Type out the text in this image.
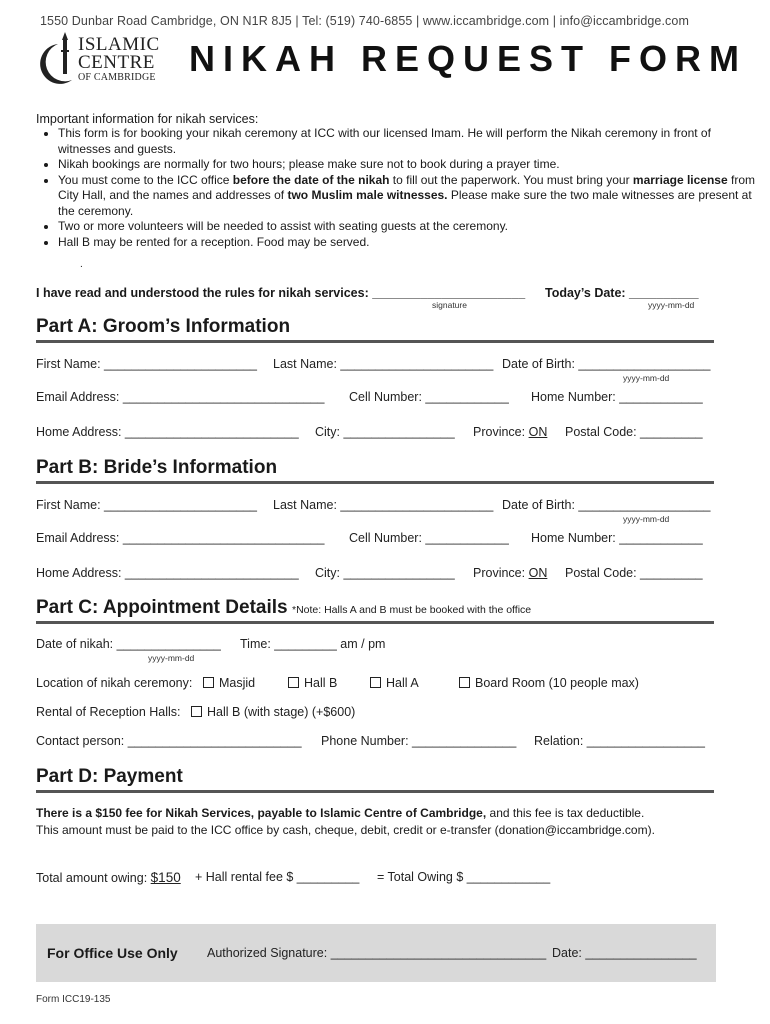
1550 Dunbar Road Cambridge, ON N1R 8J5 | Tel: (519) 740-6855 | www.iccambridge.com | info@iccambridge.com
ISLAMIC
CENTRE
OF CAMBRIDGE NIKAH REQUEST FORM
Important information for nikah services:
• This form is for booking your nikah ceremony at ICC with our licensed Imam. He will perform the Nikah ceremony in front of witnesses and guests.
• Nikah bookings are normally for two hours; please make sure not to book during a prayer time.
• You must come to the ICC office before the date of the nikah to fill out the paperwork. You must bring your marriage license from City Hall, and the names and addresses of two Muslim male witnesses. Please make sure the two male witnesses are present at the ceremony.
• Two or more volunteers will be needed to assist with seating guests at the ceremony.
• Hall B may be rented for a reception. Food may be served.
.
I have read and understood the rules for nikah services: ______________________ Today’s Date: __________
signature	yyyy-mm-dd
Part A: Groom’s Information
First Name: ______________________ Last Name: ______________________ Date of Birth: ___________________
yyyy-mm-dd
Email Address: _____________________________ Cell Number: ____________ Home Number: ____________
Home Address: _________________________ City: ________________ Province: ON Postal Code: _________
Part B: Bride’s Information
First Name: ______________________ Last Name: ______________________ Date of Birth: ___________________
yyyy-mm-dd
Email Address: _____________________________ Cell Number: ____________ Home Number: ____________
Home Address: _________________________ City: ________________ Province: ON Postal Code: _________
Part C: Appointment Details *Note: Halls A and B must be booked with the office
Date of nikah: _______________
yyyy-mm-dd
Time: _________ am / pm
Location of nikah ceremony:	Masjid	Hall B	Hall A	Board Room (10 people max)
Rental of Reception Halls:	Hall B (with stage) (+$600)
Contact person: _________________________ Phone Number: _______________ Relation: _________________
Part D: Payment
There is a $150 fee for Nikah Services, payable to Islamic Centre of Cambridge, and this fee is tax deductible.
This amount must be paid to the ICC office by cash, cheque, debit, credit or e-transfer (donation@iccambridge.com).
Total amount owing: $150 + Hall rental fee $ _________ = Total Owing $ ____________
For Office Use Only Authorized Signature: _______________________________ Date: ________________
Form ICC19-135
